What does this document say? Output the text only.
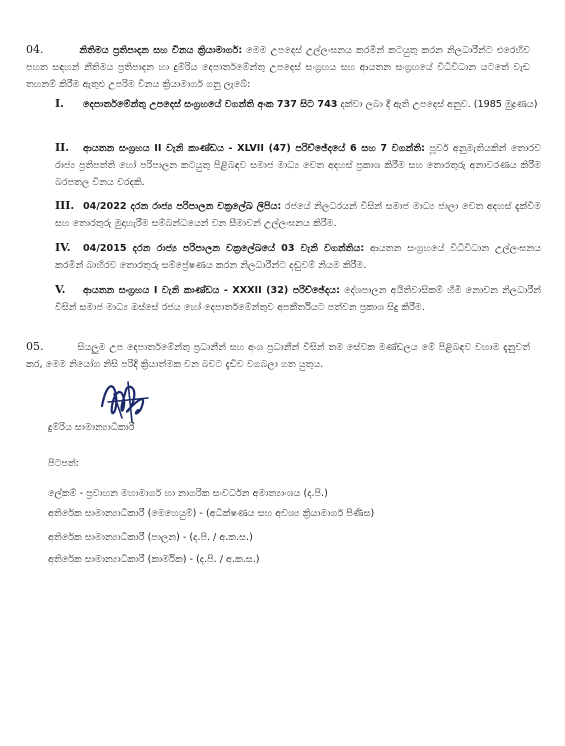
04.	නිතිමය ප්‍රතිපාදන සහ විනය ක්‍රියාමාර්ග: මෙම උපදෙස් උල්ලංඝනය කරමින් කටයුතු කරන නිලධාරීන්ට එරෙහිව පහත සඳහන් නීතිමය ප්‍රතිපාදන හා දුම්රිය දෙපාර්තමේන්තු උපදෙස් සංග්‍රහය සහ ආයතන සංග්‍රහයේ විධිවිධාන යටතේ වැඩ තහනම් කිරීම ඇතුළු උපරිම විනය ක්‍රියාමාර්ග ගනු ලැබේ:
I. දෙපාර්තමේන්තු උපදෙස් සංග්‍රහයේ වගන්ති අංක 737 සිට 743 දක්වා ලබා දී ඇති උපදෙස් අනුව. (1985 මුද්‍රණය)
II. ආයතන සංග්‍රහය II වැනි කාණ්ඩය - XLVII (47) පරිච්ඡේදයේ 6 සහ 7 වගන්ති: පූර්ව අනුමැතියකින් තොරව රාජ්‍ය ප්‍රතිපත්ති හෝ පරිපාලන කටයුතු පිළිබඳව සමාජ මාධ්‍ය වෙත අදහස් ප්‍රකාශ කිරීම සහ තොරතුරු අනාවරණය කිරීම බරපතල විනය වරදකි.
III. 04/2022 දරන රාජ්‍ය පරිපාලන චක්‍රලේඛ ලිපිය: රජයේ නිලධරයන් විසින් සමාජ මාධ්‍ය ජාලා වෙත අදහස් දැක්වීම සහ තොරතුරු මුදාහැරීම සම්බන්ධයෙන් වන සීමාවන් උල්ලංඝනය කිරීම.
IV. 04/2015 දරන රාජ්‍ය පරිපාලන චක්‍රලේඛයේ 03 වැනි වගන්තිය: ආයතන සංග්‍රහයේ විධිවිධාන උල්ලංඝනය කරමින් බාහිරව තොරතුරු සම්ප්‍රේෂණය කරන නිලධාරීන්ට දඬුවම් නියම කිරීම.
V. ආයතන සංග්‍රහය I වැනි කාණ්ඩය - XXXII (32) පරිච්ඡේදය: දේශපාලන අයිතිවාසිකම් හිමි නොවන නිලධාරීන් විසින් සමාජ මාධ්‍ය ඔස්සේ රජය හෝ දෙපාර්තමේන්තුව අපකීර්තියට පත්වන ප්‍රකාශ සිදු කිරීම.
05.	සියලුම උප දෙපාර්තමේන්තු ප්‍රධානීන් සහ අංශ ප්‍රධානීන් විසින් තම සේවක මණ්ඩලය මේ පිළිබඳව වහාම දැනුවත් කර, මෙම නියෝග නිසි පරිදි ක්‍රියාත්මක වන බවට දැඩිව වගබලා ගත යුතුය.
දුම්රිය සාමාන්‍යාධිකාරී
පිටපත්:
ලේකම් - ප්‍රවාහන මහාමාර්ග හා නාගරික සංවර්ධන අමාත්‍යාංශය (ද.පි.)
අතිරේක සාමාන්‍යාධිකාරී (මෙහෙයුම්) - (අධීක්ෂණය සහ අවශ්‍ය ක්‍රියාමාර්ග පිණිස)
අතිරේක සාමාන්‍යාධිකාරී (පාලන) - (ද.පි. / අ.ක.ස.)
අතිරේක සාමාන්‍යාධිකාරී (කාර්මික) - (ද.පි. / අ.ක.ස.)
